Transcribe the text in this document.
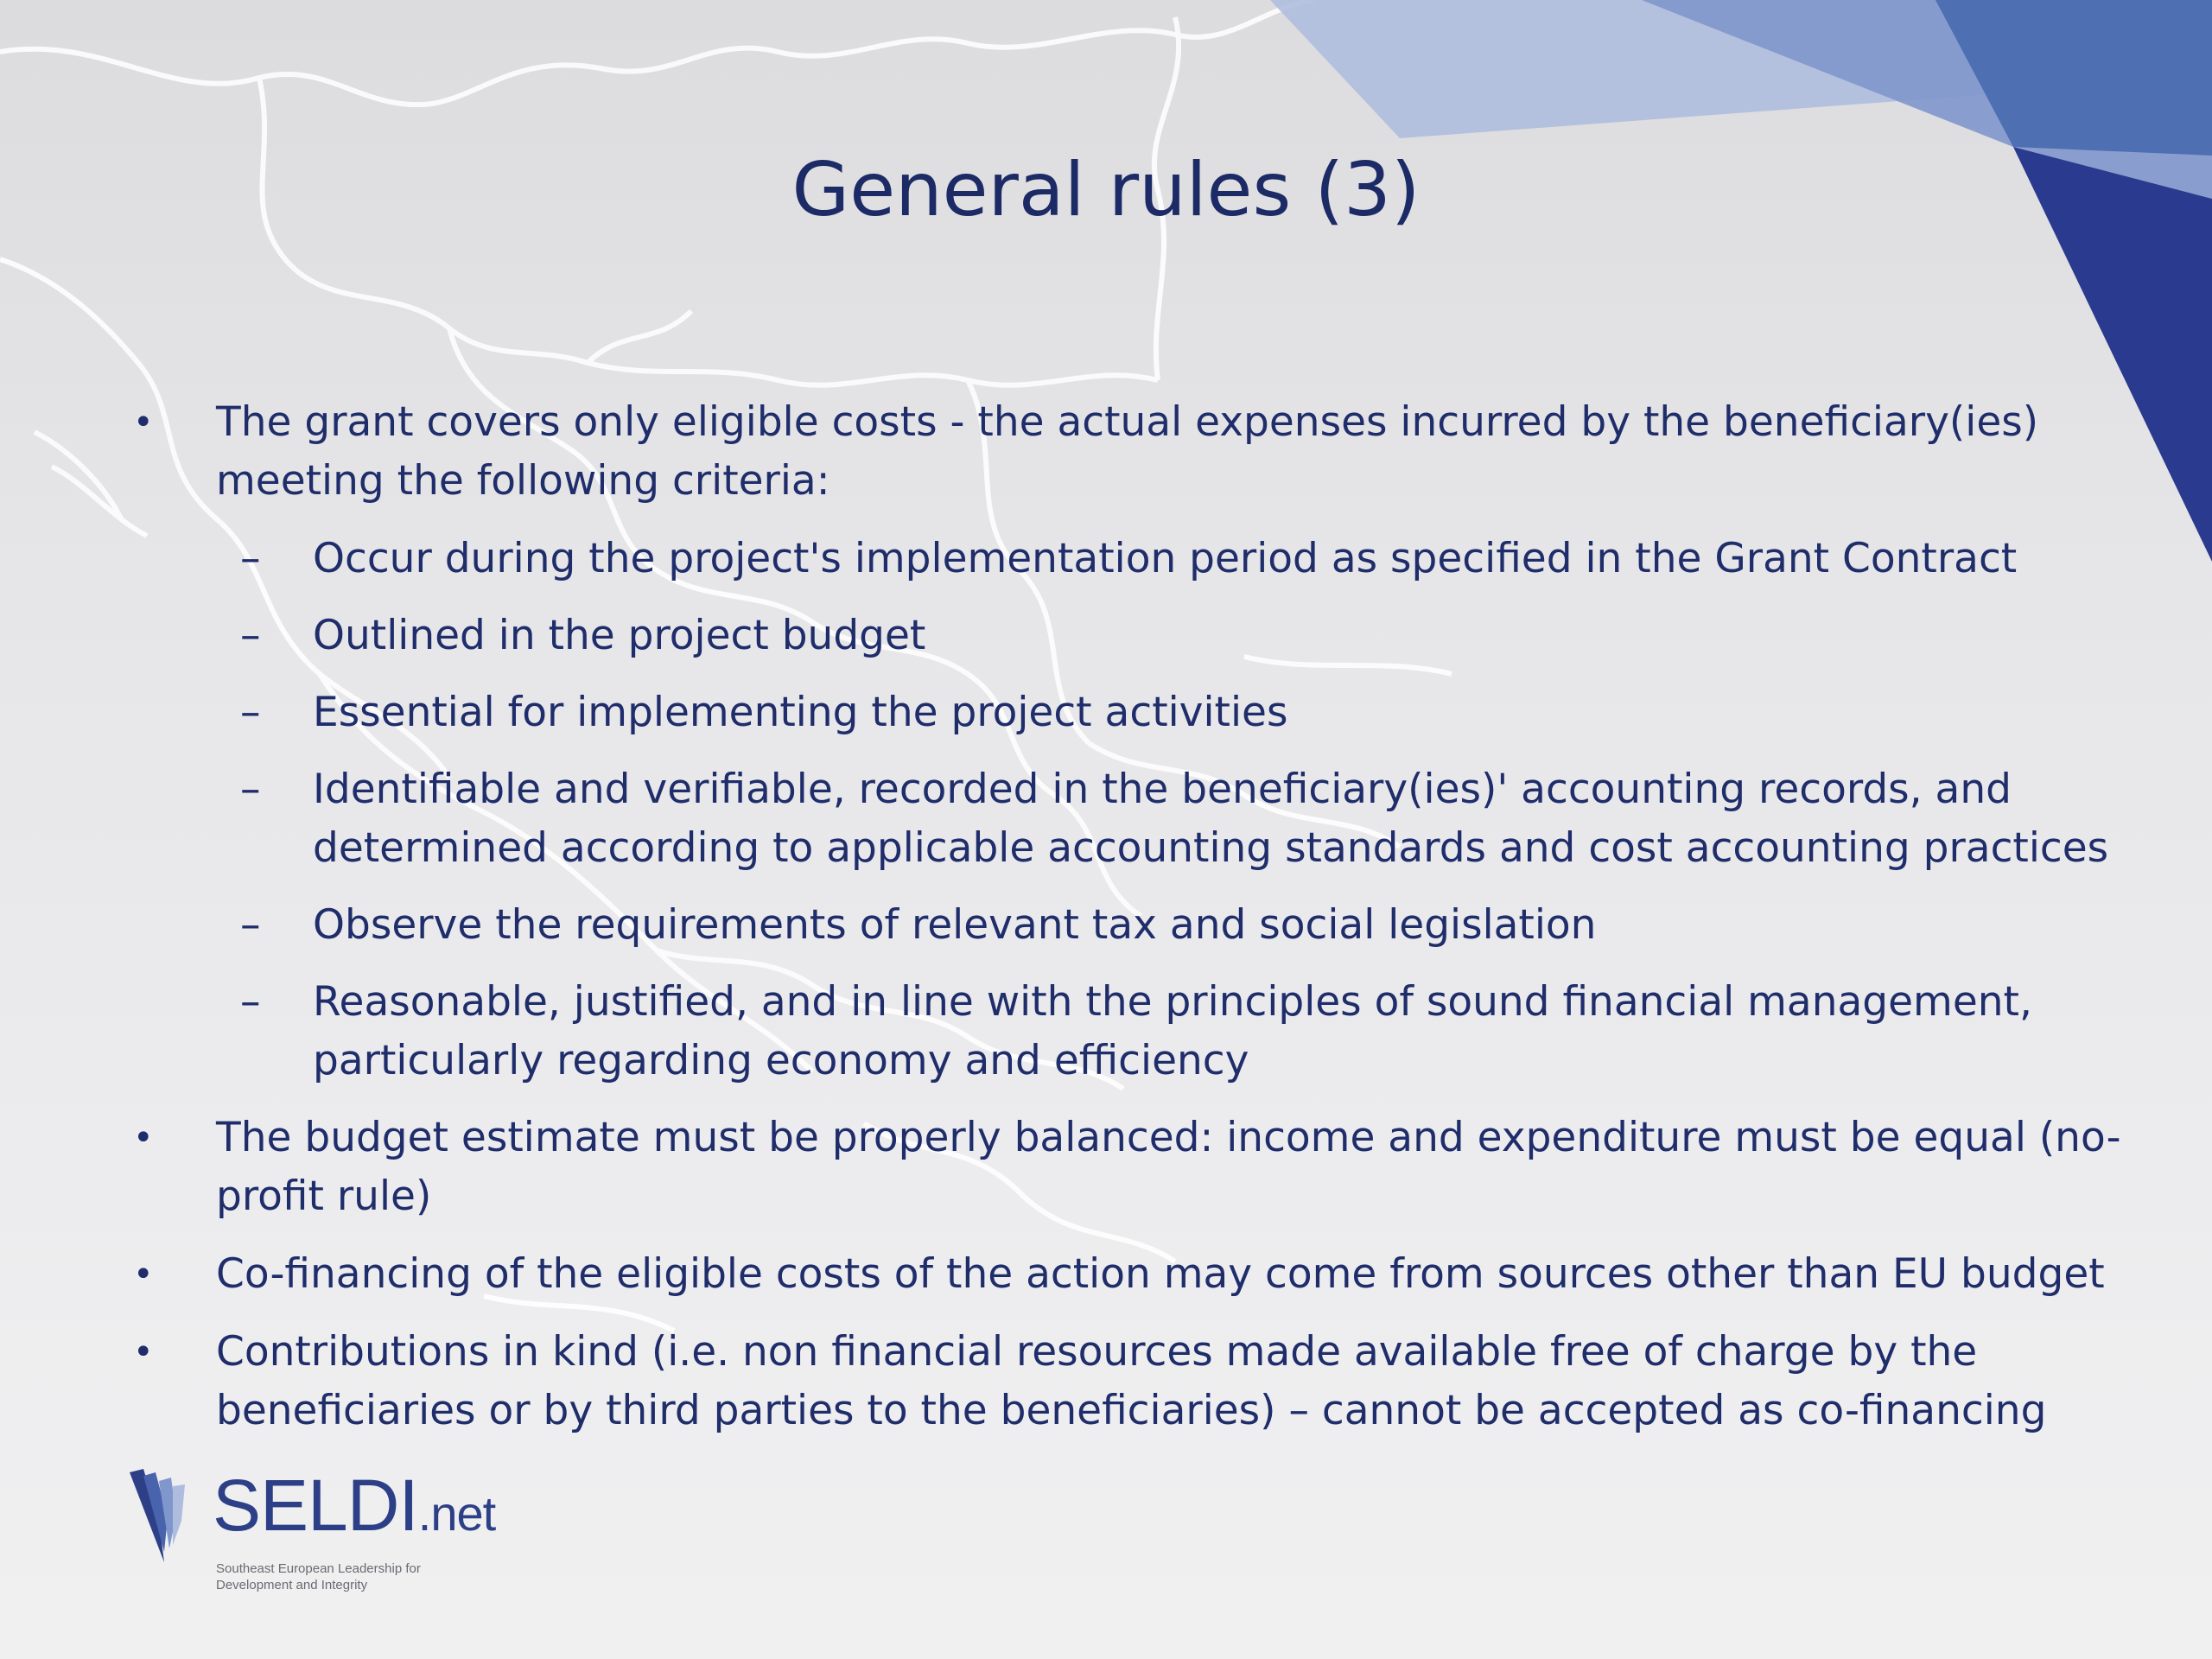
General rules (3)
• The grant covers only eligible costs - the actual expenses incurred by the beneficiary(ies) meeting the following criteria:
– Occur during the project's implementation period as specified in the Grant Contract
– Outlined in the project budget
– Essential for implementing the project activities
– Identifiable and verifiable, recorded in the beneficiary(ies)' accounting records, and determined according to applicable accounting standards and cost accounting practices
– Observe the requirements of relevant tax and social legislation
– Reasonable, justified, and in line with the principles of sound financial management, particularly regarding economy and efficiency
• The budget estimate must be properly balanced: income and expenditure must be equal (no-profit rule)
• Co-financing of the eligible costs of the action may come from sources other than EU budget
• Contributions in kind (i.e. non financial resources made available free of charge by the beneficiaries or by third parties to the beneficiaries) – cannot be accepted as co-financing
SELDI.net
Southeast European Leadership for
Development and Integrity
